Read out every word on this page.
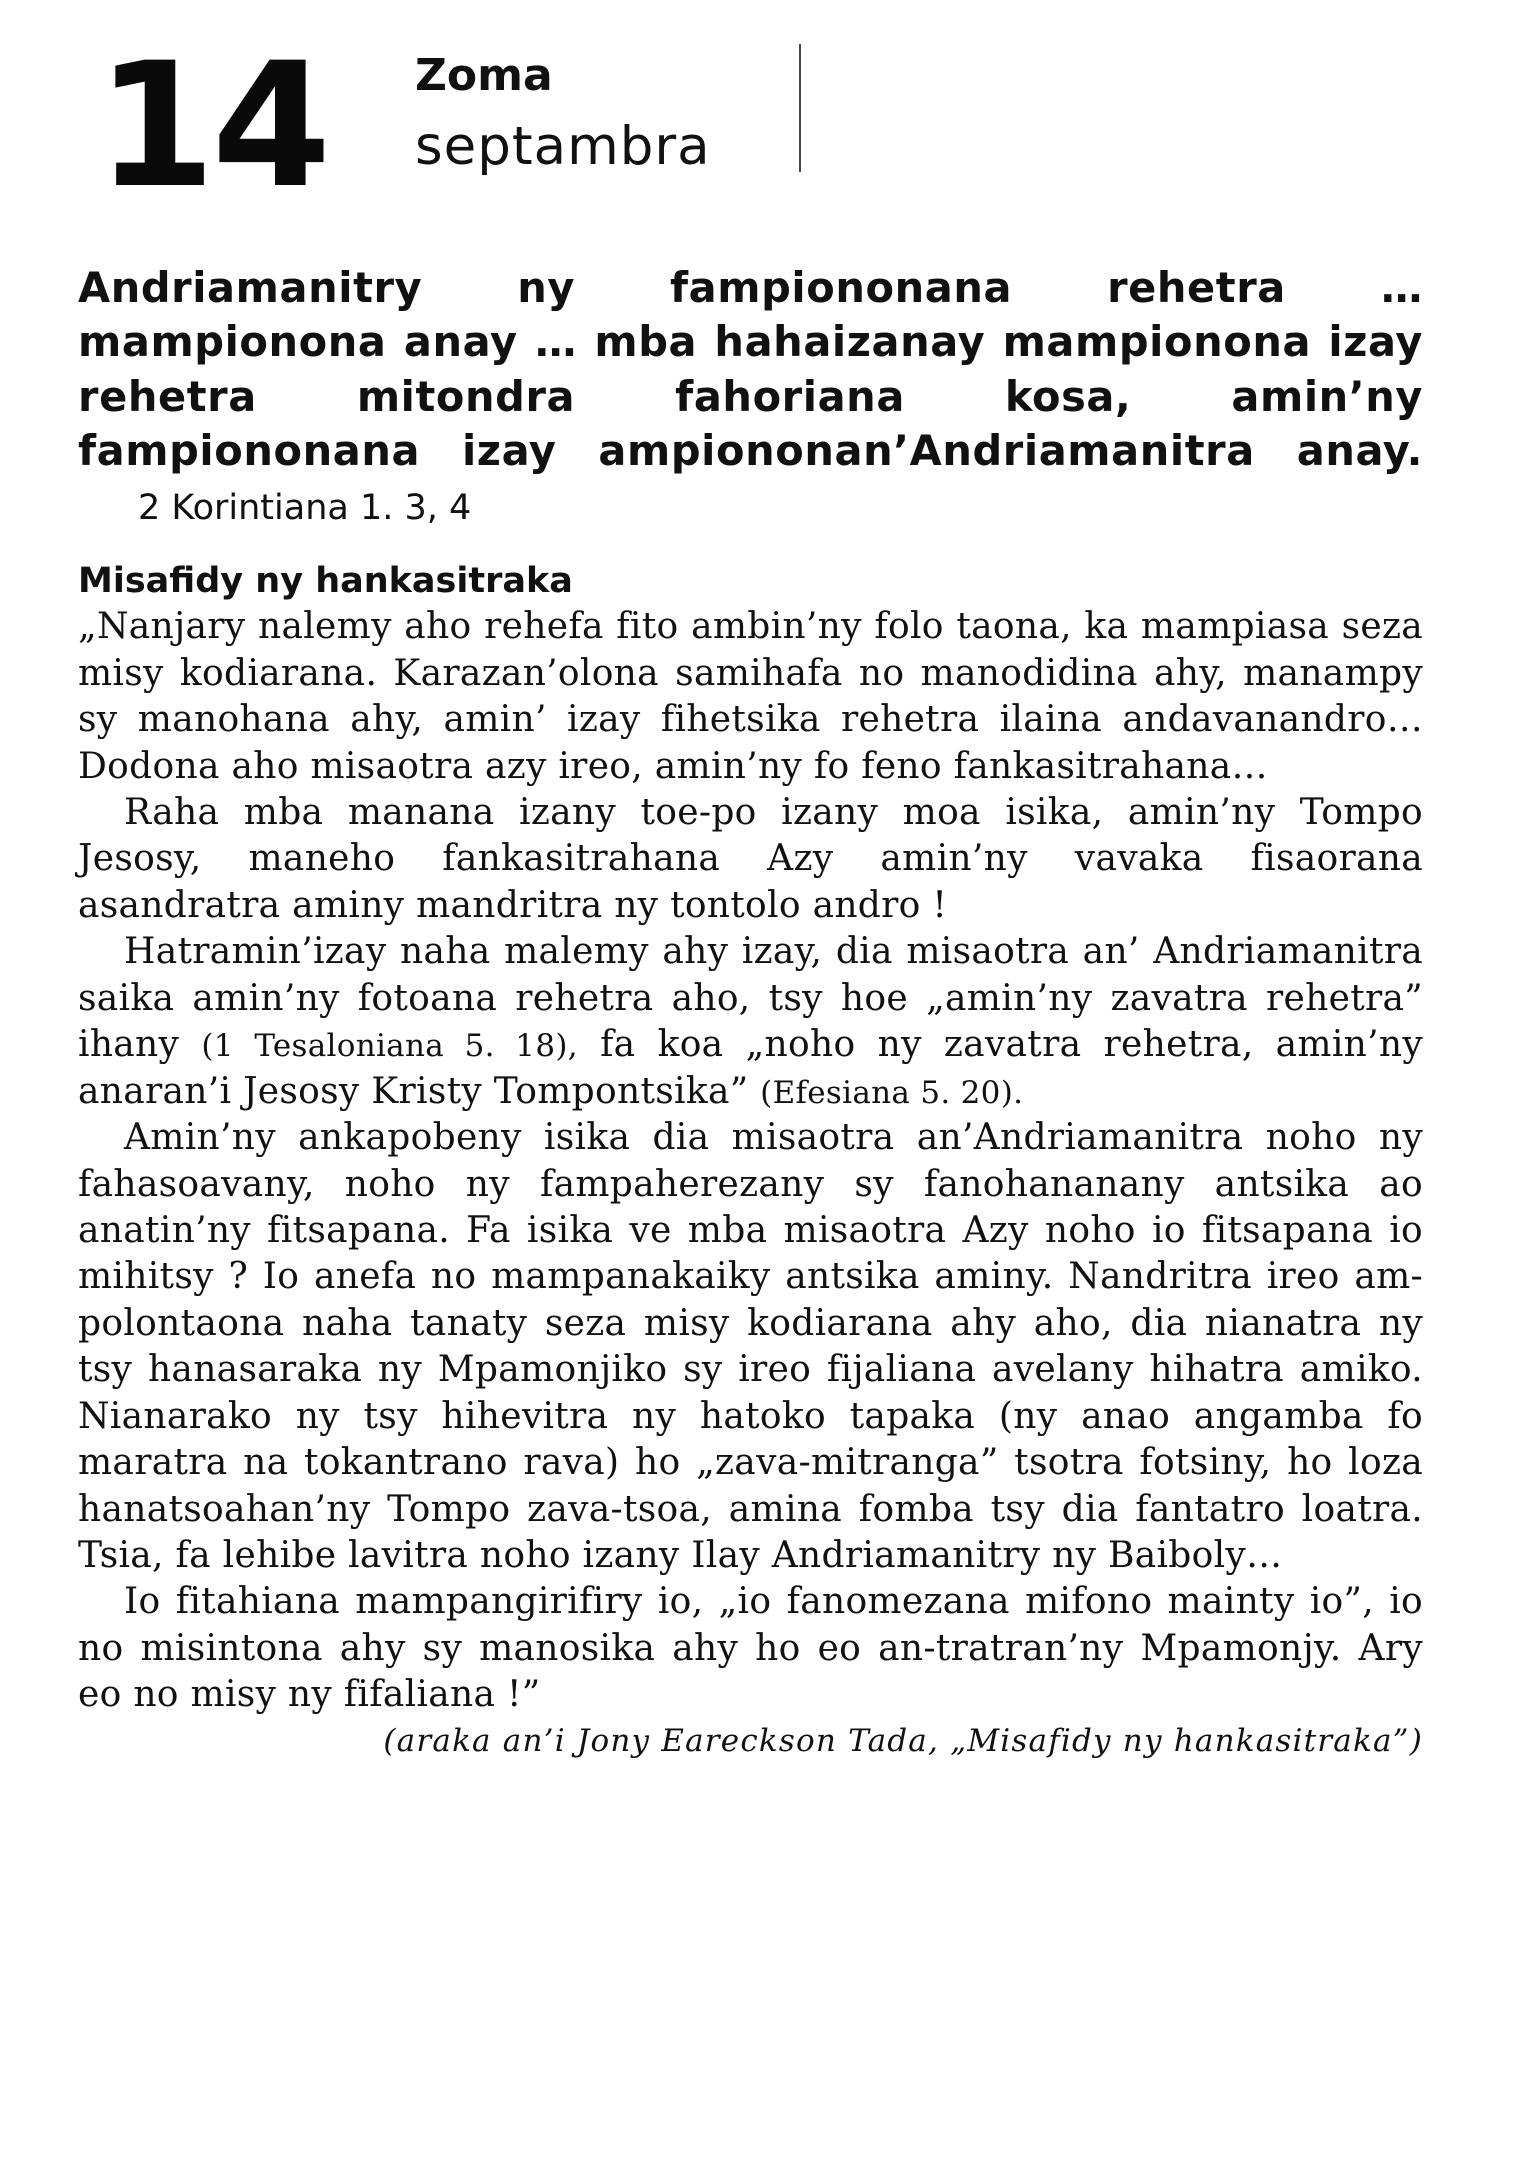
14 Zoma
septambra
Andriamanitry ny fampiononana rehetra … mampionona anay … mba hahaizanay mampionona izay rehetra mitondra fahoriana kosa, amin’ny fampiononana izay ampiononan’Andriamanitra anay. 2 Korintiana 1. 3, 4
Misafidy ny hankasitraka

„Nanjary nalemy aho rehefa fito ambin’ny folo taona, ka mampiasa seza misy kodiarana. Karazan’olona samihafa no manodidina ahy, manampy sy manohana ahy, amin’ izay fihetsika rehetra ilaina andavanandro… Dodona aho misaotra azy ireo, amin’ny fo feno fankasitrahana…

Raha mba manana izany toe-po izany moa isika, amin’ny Tompo Jesosy, maneho fankasitrahana Azy amin’ny vavaka fisaorana asandratra aminy mandritra ny tontolo andro !

Hatramin’izay naha malemy ahy izay, dia misaotra an’ Andriamanitra saika amin’ny fotoana rehetra aho, tsy hoe „amin’ny zavatra rehetra” ihany (1 Tesaloniana 5. 18), fa koa „noho ny zavatra rehetra, amin’ny anaran’i Jesosy Kristy Tompontsika” (Efesiana 5. 20).

Amin’ny ankapobeny isika dia misaotra an’Andriamanitra noho ny fahasoavany, noho ny fampaherezany sy fanohananany antsika ao anatin’ny fitsapana. Fa isika ve mba misaotra Azy noho io fitsapana io mihitsy ? Io anefa no mampanakaiky antsika aminy. Nandritra ireo am-polontaona naha tanaty seza misy kodiarana ahy aho, dia nianatra ny tsy hanasaraka ny Mpamonjiko sy ireo fijaliana avelany hihatra amiko. Nianarako ny tsy hihevitra ny hatoko tapaka (ny anao angamba fo maratra na tokantrano rava) ho „zava-mitranga” tsotra fotsiny, ho loza hanatsoahan’ny Tompo zava-tsoa, amina fomba tsy dia fantatro loatra. Tsia, fa lehibe lavitra noho izany Ilay Andriamanitry ny Baiboly…

Io fitahiana mampangirifiry io, „io fanomezana mifono mainty io”, io no misintona ahy sy manosika ahy ho eo an-tratran’ny Mpamonjy. Ary eo no misy ny fifaliana !”

(araka an’i Jony Eareckson Tada, „Misafidy ny hankasitraka”)
